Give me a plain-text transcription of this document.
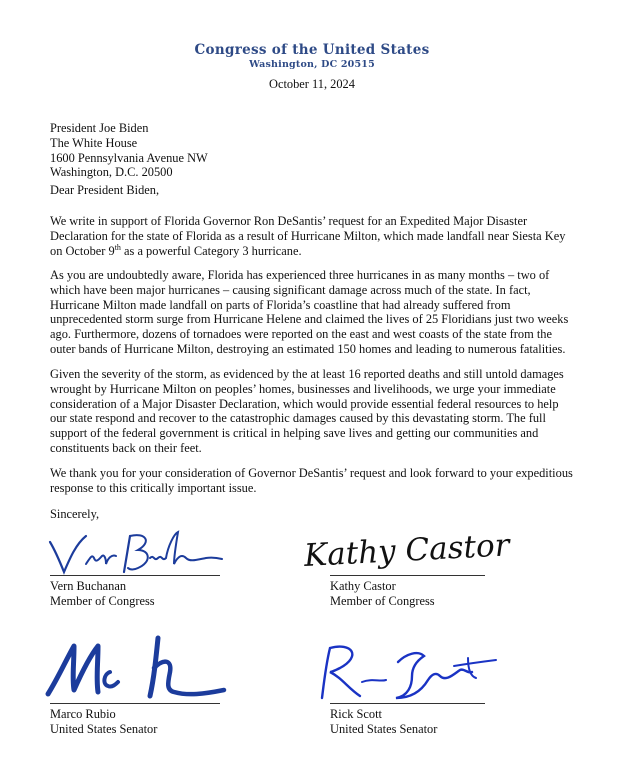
Congress of the United States
Washington, DC 20515
October 11, 2024
President Joe Biden
The White House
1600 Pennsylvania Avenue NW
Washington, D.C. 20500
Dear President Biden,
We write in support of Florida Governor Ron DeSantis’ request for an Expedited Major Disaster
Declaration for the state of Florida as a result of Hurricane Milton, which made landfall near Siesta Key
on October 9th as a powerful Category 3 hurricane.
As you are undoubtedly aware, Florida has experienced three hurricanes in as many months – two of
which have been major hurricanes – causing significant damage across much of the state. In fact,
Hurricane Milton made landfall on parts of Florida’s coastline that had already suffered from
unprecedented storm surge from Hurricane Helene and claimed the lives of 25 Floridians just two weeks
ago. Furthermore, dozens of tornadoes were reported on the east and west coasts of the state from the
outer bands of Hurricane Milton, destroying an estimated 150 homes and leading to numerous fatalities.
Given the severity of the storm, as evidenced by the at least 16 reported deaths and still untold damages
wrought by Hurricane Milton on peoples’ homes, businesses and livelihoods, we urge your immediate
consideration of a Major Disaster Declaration, which would provide essential federal resources to help
our state respond and recover to the catastrophic damages caused by this devastating storm. The full
support of the federal government is critical in helping save lives and getting our communities and
constituents back on their feet.
We thank you for your consideration of Governor DeSantis’ request and look forward to your expeditious
response to this critically important issue.
Sincerely,
Vern Buchanan
Member of Congress
Kathy Castor
Kathy Castor
Member of Congress
Marco Rubio
United States Senator
Rick Scott
United States Senator
